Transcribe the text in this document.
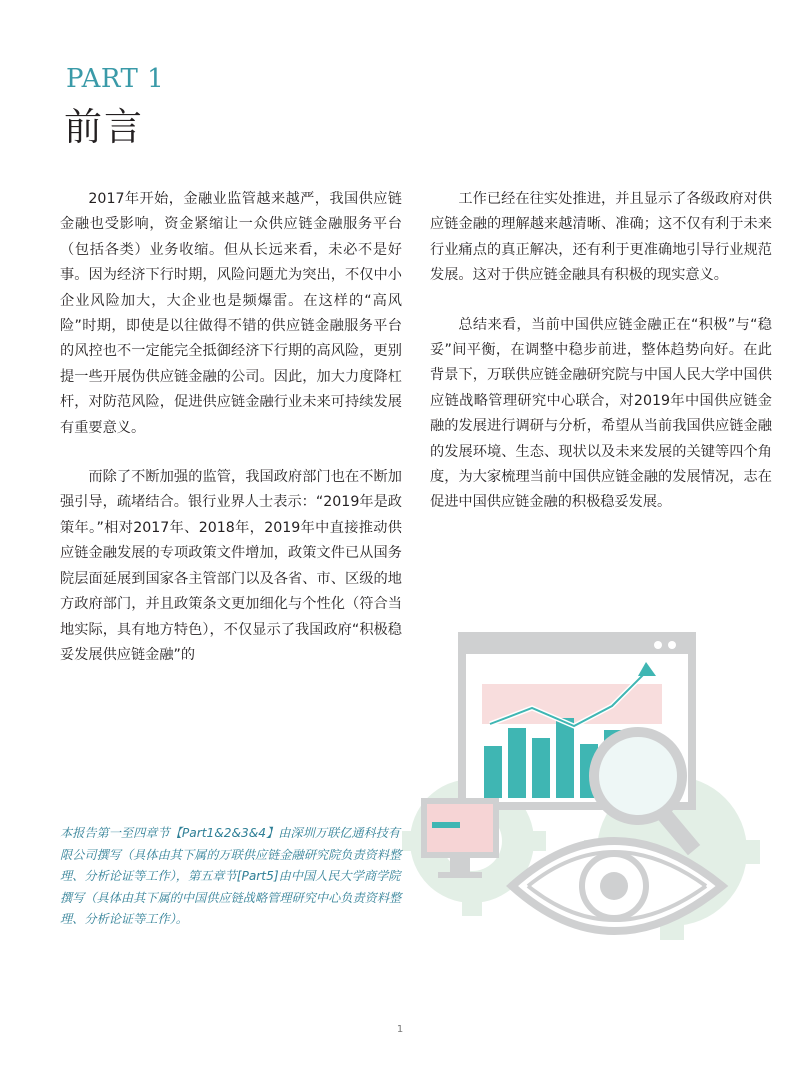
PART 1
前言

2017年开始，金融业监管越来越严，我国供应链金融也受影响，资金紧缩让一众供应链金融服务平台（包括各类）业务收缩。但从长远来看，未必不是好事。因为经济下行时期，风险问题尤为突出，不仅中小企业风险加大，大企业也是频爆雷。在这样的“高风险”时期，即使是以往做得不错的供应链金融服务平台的风控也不一定能完全抵御经济下行期的高风险，更别提一些开展伪供应链金融的公司。因此，加大力度降杠杆，对防范风险，促进供应链金融行业未来可持续发展有重要意义。

而除了不断加强的监管，我国政府部门也在不断加强引导，疏堵结合。银行业界人士表示：“2019年是政策年。”相对2017年、2018年，2019年中直接推动供应链金融发展的专项政策文件增加，政策文件已从国务院层面延展到国家各主管部门以及各省、市、区级的地方政府部门，并且政策条文更加细化与个性化（符合当地实际，具有地方特色），不仅显示了我国政府“积极稳妥发展供应链金融”的

工作已经在往实处推进，并且显示了各级政府对供应链金融的理解越来越清晰、准确；这不仅有利于未来行业痛点的真正解决，还有利于更准确地引导行业规范发展。这对于供应链金融具有积极的现实意义。

总结来看，当前中国供应链金融正在“积极”与“稳妥”间平衡，在调整中稳步前进，整体趋势向好。在此背景下，万联供应链金融研究院与中国人民大学中国供应链战略管理研究中心联合，对2019年中国供应链金融的发展进行调研与分析，希望从当前我国供应链金融的发展环境、生态、现状以及未来发展的关键等四个角度，为大家梳理当前中国供应链金融的发展情况，志在促进中国供应链金融的积极稳妥发展。

本报告第一至四章节【Part1&2&3&4】由深圳万联亿通科技有限公司撰写（具体由其下属的万联供应链金融研究院负责资料整理、分析论证等工作），第五章节[Part5]由中国人民大学商学院撰写（具体由其下属的中国供应链战略管理研究中心负责资料整理、分析论证等工作）。
1
